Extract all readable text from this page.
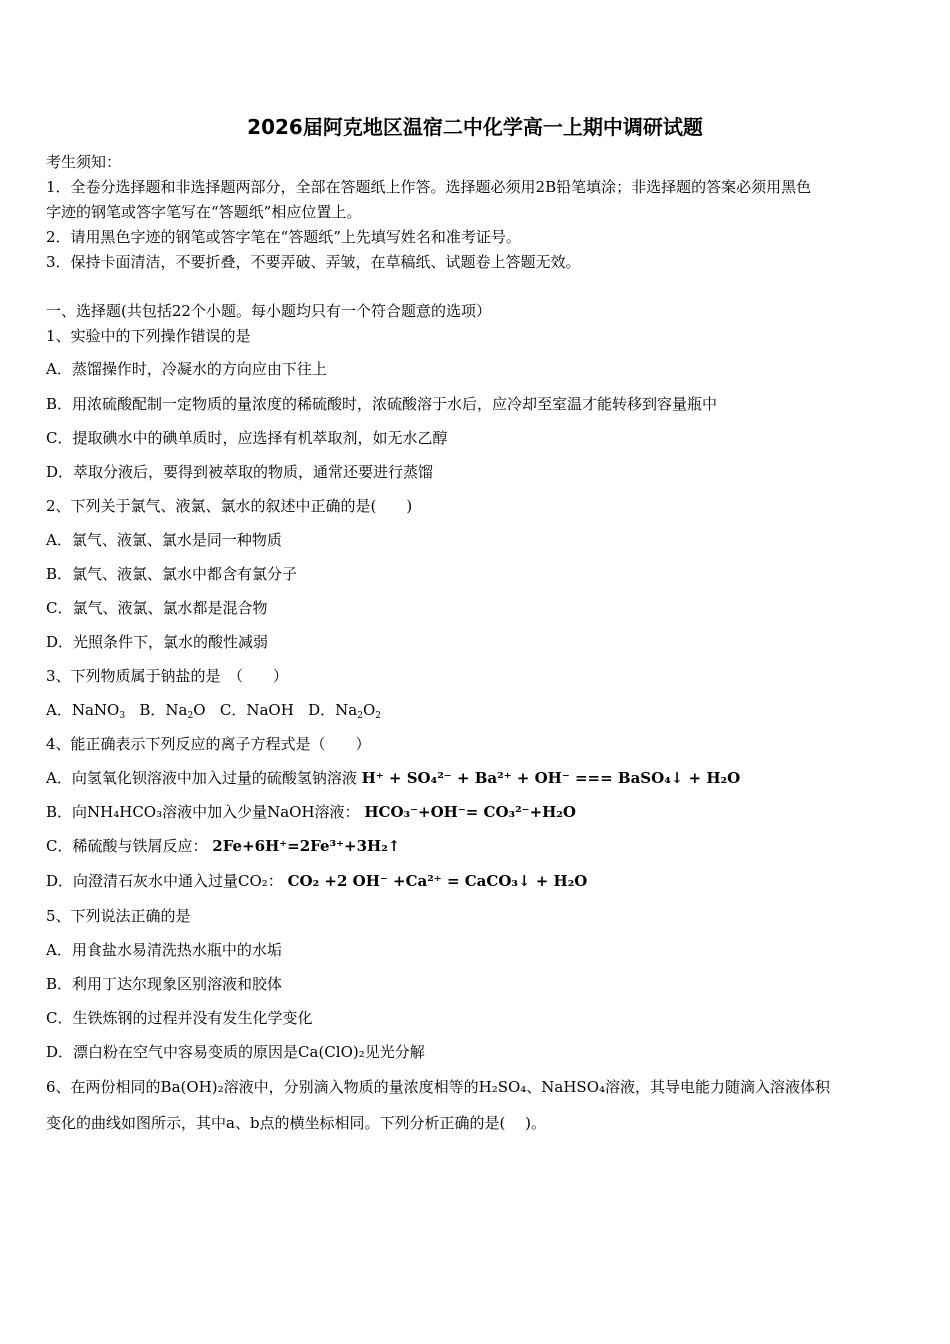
2026届阿克地区温宿二中化学高一上期中调研试题
考生须知：
1．全卷分选择题和非选择题两部分，全部在答题纸上作答。选择题必须用2B铅笔填涂；非选择题的答案必须用黑色
字迹的钢笔或答字笔写在“答题纸”相应位置上。
2．请用黑色字迹的钢笔或答字笔在“答题纸”上先填写姓名和准考证号。
3．保持卡面清洁，不要折叠，不要弄破、弄皱，在草稿纸、试题卷上答题无效。
一、选择题(共包括22个小题。每小题均只有一个符合题意的选项）
1、实验中的下列操作错误的是
A．蒸馏操作时，冷凝水的方向应由下往上
B．用浓硫酸配制一定物质的量浓度的稀硫酸时，浓硫酸溶于水后，应冷却至室温才能转移到容量瓶中
C．提取碘水中的碘单质时，应选择有机萃取剂，如无水乙醇
D．萃取分液后，要得到被萃取的物质，通常还要进行蒸馏
2、下列关于氯气、液氯、氯水的叙述中正确的是(　　)
A．氯气、液氯、氯水是同一种物质
B．氯气、液氯、氯水中都含有氯分子
C．氯气、液氯、氯水都是混合物
D．光照条件下，氯水的酸性减弱
3、下列物质属于钠盐的是　（　　）
A．NaNO$_3$ B．$Na_2O$ C．NaOH D．$Na_2O_2$
4、能正确表示下列反应的离子方程式是（　　）
A．向氢氧化钡溶液中加入过量的硫酸氢钠溶液 H⁺ + SO₄²⁻ + Ba²⁺ + OH⁻ === BaSO₄↓ + H₂O
B．向NH₄HCO₃溶液中加入少量NaOH溶液： HCO₃⁻+OH⁻= CO₃²⁻+H₂O
C．稀硫酸与铁屑反应： 2Fe+6H⁺=2Fe³⁺+3H₂↑
D．向澄清石灰水中通入过量CO₂： CO₂ +2 OH⁻ +Ca²⁺ = CaCO₃↓ + H₂O
5、下列说法正确的是
A．用食盐水易清洗热水瓶中的水垢
B．利用丁达尔现象区别溶液和胶体
C．生铁炼钢的过程并没有发生化学变化
D．漂白粉在空气中容易变质的原因是Ca(ClO)₂见光分解
6、在两份相同的Ba(OH)₂溶液中，分别滴入物质的量浓度相等的H₂SO₄、NaHSO₄溶液，其导电能力随滴入溶液体积
变化的曲线如图所示，其中a、b点的横坐标相同。下列分析正确的是(　 )。
